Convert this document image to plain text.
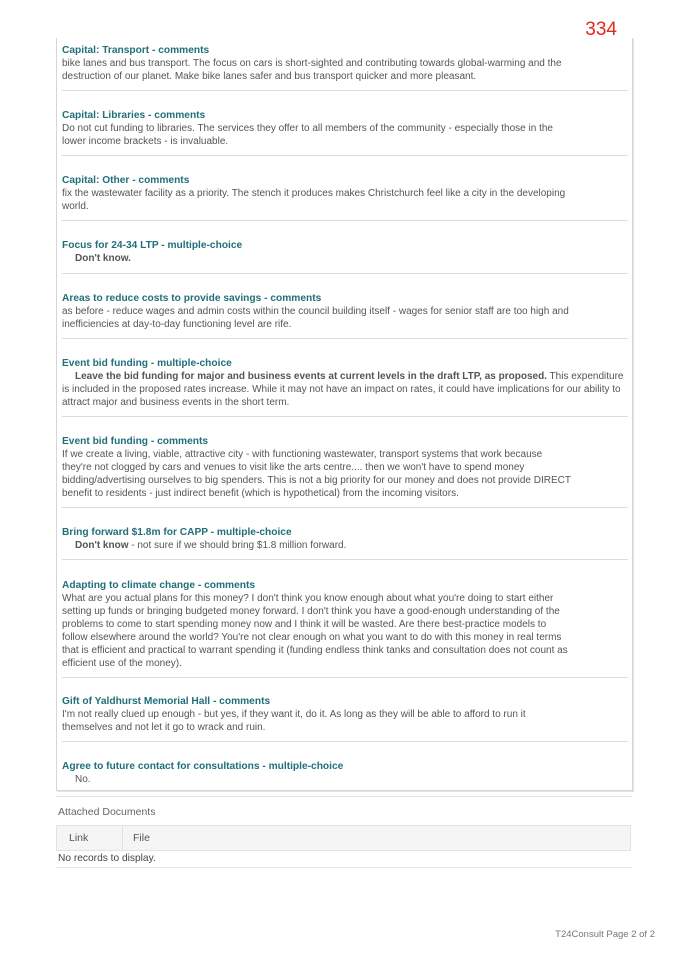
334
Capital: Transport - comments
bike lanes and bus transport. The focus on cars is short-sighted and contributing towards global-warming and the destruction of our planet. Make bike lanes safer and bus transport quicker and more pleasant.
Capital: Libraries - comments
Do not cut funding to libraries. The services they offer to all members of the community - especially those in the lower income brackets - is invaluable.
Capital: Other - comments
fix the wastewater facility as a priority. The stench it produces makes Christchurch feel like a city in the developing world.
Focus for 24-34 LTP - multiple-choice
Don't know.
Areas to reduce costs to provide savings - comments
as before - reduce wages and admin costs within the council building itself - wages for senior staff are too high and inefficiencies at day-to-day functioning level are rife.
Event bid funding - multiple-choice
Leave the bid funding for major and business events at current levels in the draft LTP, as proposed. This expenditure is included in the proposed rates increase. While it may not have an impact on rates, it could have implications for our ability to attract major and business events in the short term.
Event bid funding - comments
If we create a living, viable, attractive city - with functioning wastewater, transport systems that work because they're not clogged by cars and venues to visit like the arts centre.... then we won't have to spend money bidding/advertising ourselves to big spenders. This is not a big priority for our money and does not provide DIRECT benefit to residents - just indirect benefit (which is hypothetical) from the incoming visitors.
Bring forward $1.8m for CAPP - multiple-choice
Don't know - not sure if we should bring $1.8 million forward.
Adapting to climate change - comments
What are you actual plans for this money? I don't think you know enough about what you're doing to start either setting up funds or bringing budgeted money forward. I don't think you have a good-enough understanding of the problems to come to start spending money now and I think it will be wasted. Are there best-practice models to follow elsewhere around the world? You're not clear enough on what you want to do with this money in real terms that is efficient and practical to warrant spending it (funding endless think tanks and consultation does not count as efficient use of the money).
Gift of Yaldhurst Memorial Hall - comments
I'm not really clued up enough - but yes, if they want it, do it. As long as they will be able to afford to run it themselves and not let it go to wrack and ruin.
Agree to future contact for consultations - multiple-choice
No.
Attached Documents
Link	File
No records to display.
T24Consult Page 2 of 2
